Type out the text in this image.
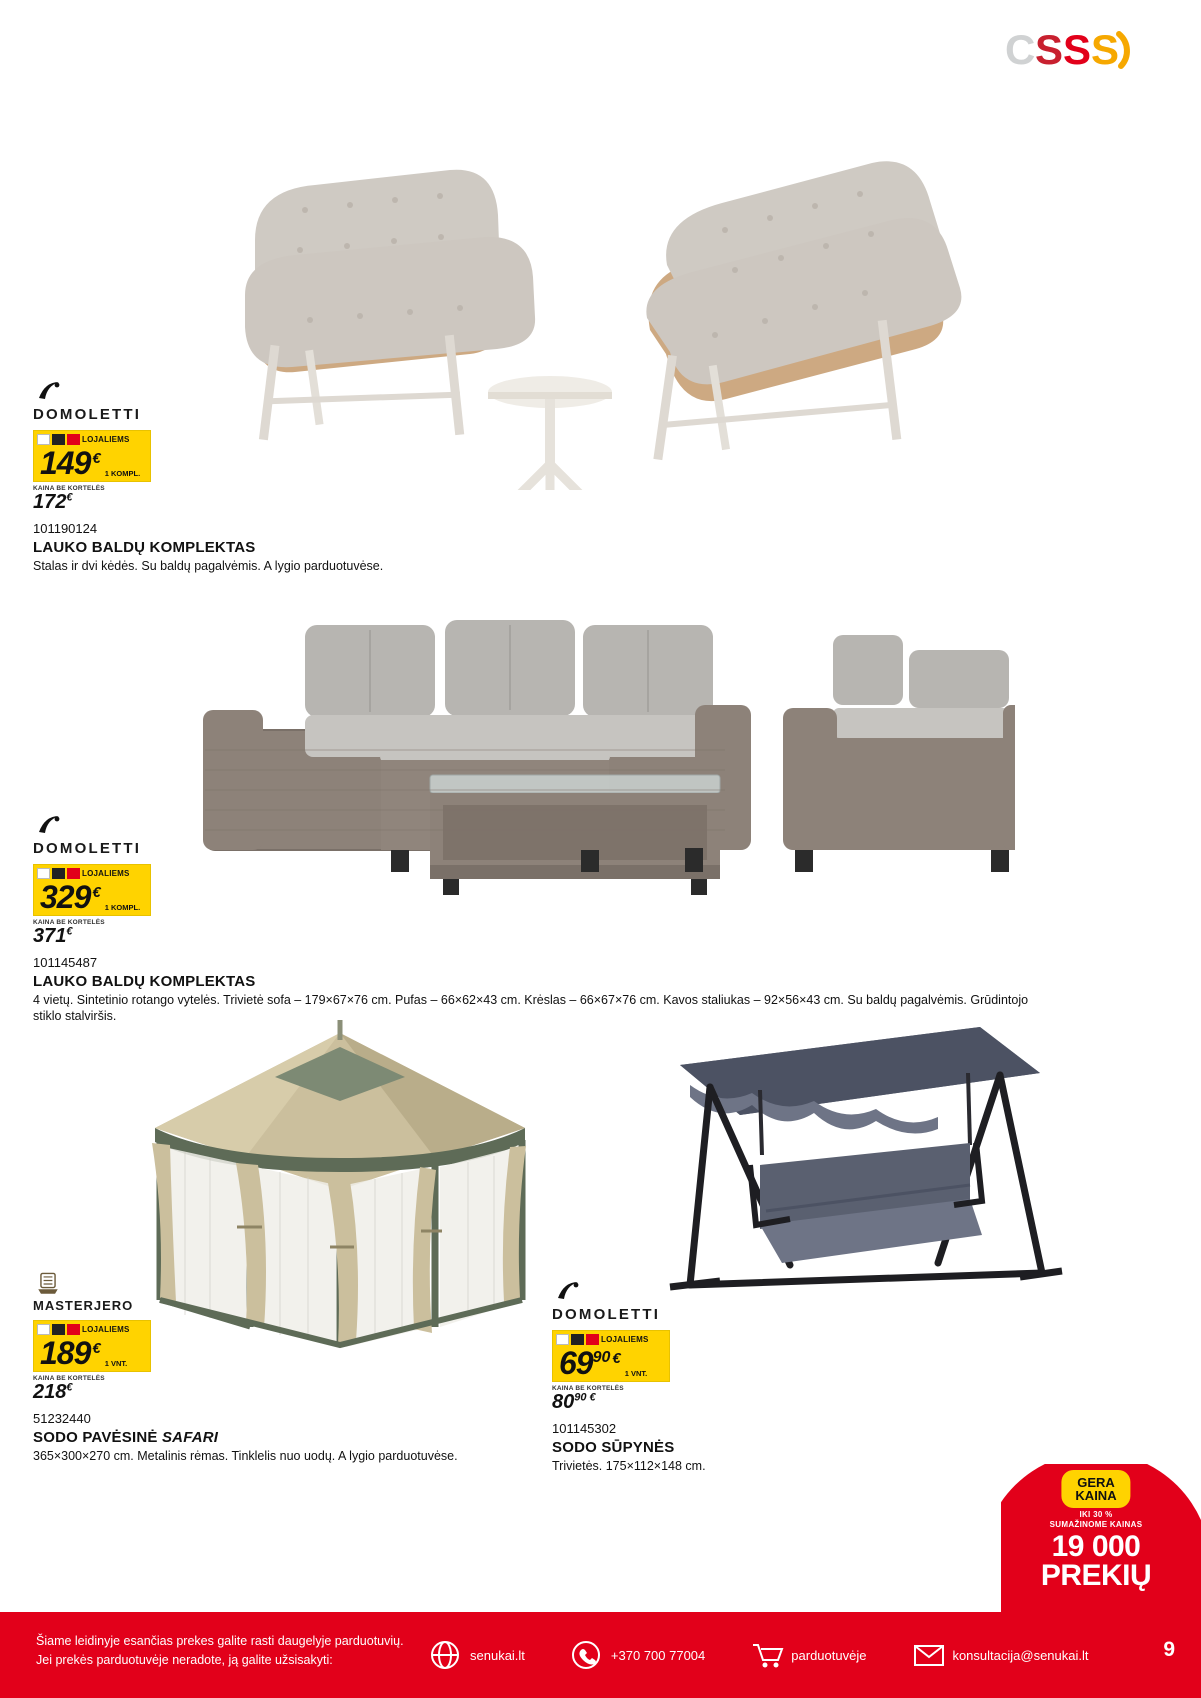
C S S S
DOMOLETTI
LOJALIEMS
149 €
1 KOMPL.
KAINA BE KORTELĖS
172€
101190124
LAUKO BALDŲ KOMPLEKTAS
Stalas ir dvi kėdės. Su baldų pagalvėmis. A lygio parduotuvėse.
DOMOLETTI
LOJALIEMS
329 €
1 KOMPL.
KAINA BE KORTELĖS
371€
101145487
LAUKO BALDŲ KOMPLEKTAS
4 vietų. Sintetinio rotango vytelės. Trivietė sofa – 179×67×76 cm. Pufas – 66×62×43 cm. Krėslas – 66×67×76 cm. Kavos staliukas – 92×56×43 cm. Su baldų pagalvėmis. Grūdintojo stiklo stalviršis.
MASTERJERO
LOJALIEMS
189 €
1 VNT.
KAINA BE KORTELĖS
218€
51232440
SODO PAVĖSINĖ SAFARI
365×300×270 cm. Metalinis rėmas. Tinklelis nuo uodų. A lygio parduotuvėse.
DOMOLETTI
LOJALIEMS
69 90 €
1 VNT.
KAINA BE KORTELĖS
$80^{90 €}$
101145302
SODO SŪPYNĖS
Trivietės. 175×112×148 cm.
GERA
KAINA
IKI 30 %
SUMAŽINOME KAINAS
19 000
PREKIŲ
Šiame leidinyje esančias prekes galite rasti daugelyje parduotuvių.
Jei prekės parduotuvėje neradote, ją galite užsisakyti:	senukai.lt	+370 700 77004	parduotuvėje	konsultacija@senukai.lt	9
